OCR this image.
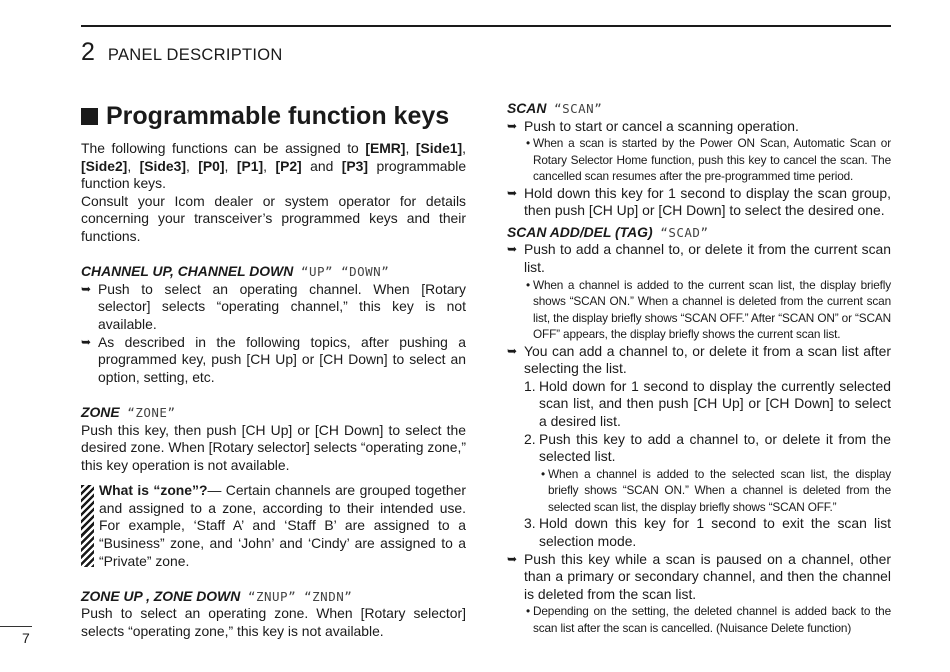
2 PANEL DESCRIPTION
Programmable function keys

The following functions can be assigned to [EMR], [Side1], [Side2], [Side3], [P0], [P1], [P2] and [P3] programmable function keys.

Consult your Icom dealer or system operator for details concerning your transceiver’s programmed keys and their functions.

CHANNEL UP, CHANNEL DOWN “UP” “DOWN”

➥ Push to select an operating channel. When [Rotary selector] selects “operating channel,” this key is not available.

➥ As described in the following topics, after pushing a programmed key, push [CH Up] or [CH Down] to select an option, setting, etc.

ZONE “ZONE”

Push this key, then push [CH Up] or [CH Down] to select the desired zone. When [Rotary selector] selects “operating zone,” this key operation is not available.

What is “zone”?— Certain channels are grouped together and assigned to a zone, according to their intended use. For example, ‘Staff A’ and ‘Staff B’ are assigned to a “Business” zone, and ‘John’ and ‘Cindy’ are assigned to a “Private” zone.

ZONE UP , ZONE DOWN “ZNUP” “ZNDN”

Push to select an operating zone. When [Rotary selector] selects “operating zone,” this key is not available.

SCAN “SCAN”

➥ Push to start or cancel a scanning operation.

• When a scan is started by the Power ON Scan, Automatic Scan or Rotary Selector Home function, push this key to cancel the scan. The cancelled scan resumes after the pre-programmed time period.

➥ Hold down this key for 1 second to display the scan group, then push [CH Up] or [CH Down] to select the desired one.

SCAN ADD/DEL (TAG) “SCAD”

➥ Push to add a channel to, or delete it from the current scan list.

• When a channel is added to the current scan list, the display briefly shows “SCAN ON.” When a channel is deleted from the current scan list, the display briefly shows “SCAN OFF.” After “SCAN ON” or “SCAN OFF” appears, the display briefly shows the current scan list.

➥ You can add a channel to, or delete it from a scan list after selecting the list.

1. Hold down for 1 second to display the currently selected scan list, and then push [CH Up] or [CH Down] to select a desired list.

2. Push this key to add a channel to, or delete it from the selected list.

• When a channel is added to the selected scan list, the display briefly shows “SCAN ON.” When a channel is deleted from the selected scan list, the display briefly shows “SCAN OFF.”

3. Hold down this key for 1 second to exit the scan list selection mode.

➥ Push this key while a scan is paused on a channel, other than a primary or secondary channel, and then the channel is deleted from the scan list.

• Depending on the setting, the deleted channel is added back to the scan list after the scan is cancelled. (Nuisance Delete function)

7
